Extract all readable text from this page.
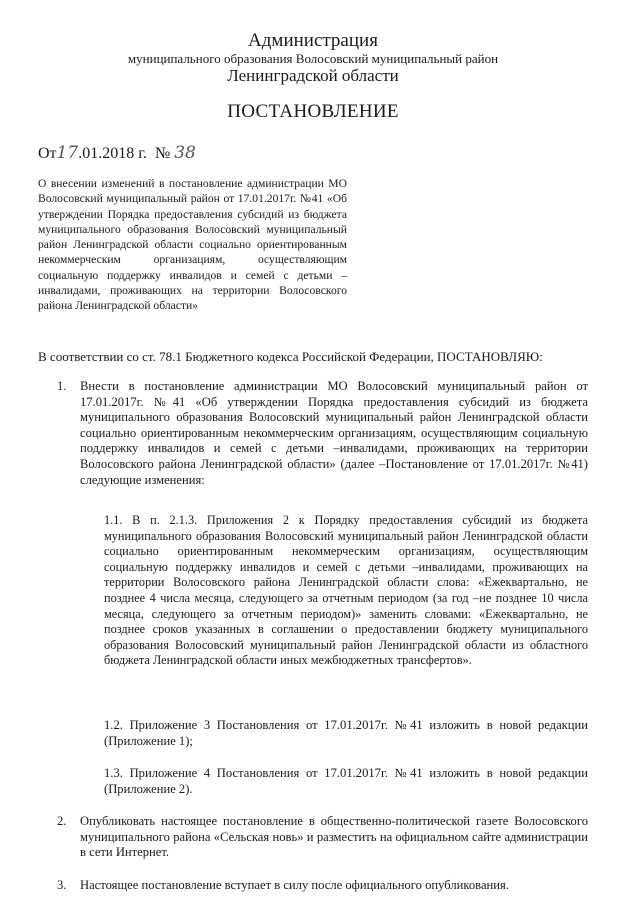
Администрация
муниципального образования Волосовский муниципальный район
Ленинградской области
ПОСТАНОВЛЕНИЕ
От17.01.2018 г. № 38
О внесении изменений в постановление администрации МО Волосовский муниципальный район от 17.01.2017г. №41 «Об утверждении Порядка предоставления субсидий из бюджета муниципального образования Волосовский муниципальный район Ленинградской области социально ориентированным некоммерческим организациям, осуществляющим социальную поддержку инвалидов и семей с детьми – инвалидами, проживающих на территории Волосовского района Ленинградской области»
В соответствии со ст. 78.1 Бюджетного кодекса Российской Федерации, ПОСТАНОВЛЯЮ:
1. Внести в постановление администрации МО Волосовский муниципальный район от 17.01.2017г. №41 «Об утверждении Порядка предоставления субсидий из бюджета муниципального образования Волосовский муниципальный район Ленинградской области социально ориентированным некоммерческим организациям, осуществляющим социальную поддержку инвалидов и семей с детьми –инвалидами, проживающих на территории Волосовского района Ленинградской области» (далее –Постановление от 17.01.2017г. №41) следующие изменения:
1.1. В п. 2.1.3. Приложения 2 к Порядку предоставления субсидий из бюджета муниципального образования Волосовский муниципальный район Ленинградской области социально ориентированным некоммерческим организациям, осуществляющим социальную поддержку инвалидов и семей с детьми –инвалидами, проживающих на территории Волосовского района Ленинградской области слова: «Ежеквартально, не позднее 4 числа месяца, следующего за отчетным периодом (за год –не позднее 10 числа месяца, следующего за отчетным периодом)» заменить словами: «Ежеквартально, не позднее сроков указанных в соглашении о предоставлении бюджету муниципального образования Волосовский муниципальный район Ленинградской области из областного бюджета Ленинградской области иных межбюджетных трансфертов».
1.2. Приложение 3 Постановления от 17.01.2017г. №41 изложить в новой редакции (Приложение 1);
1.3. Приложение 4 Постановления от 17.01.2017г. №41 изложить в новой редакции (Приложение 2).
2. Опубликовать настоящее постановление в общественно-политической газете Волосовского муниципального района «Сельская новь» и разместить на официальном сайте администрации в сети Интернет.
3. Настоящее постановление вступает в силу после официального опубликования.
